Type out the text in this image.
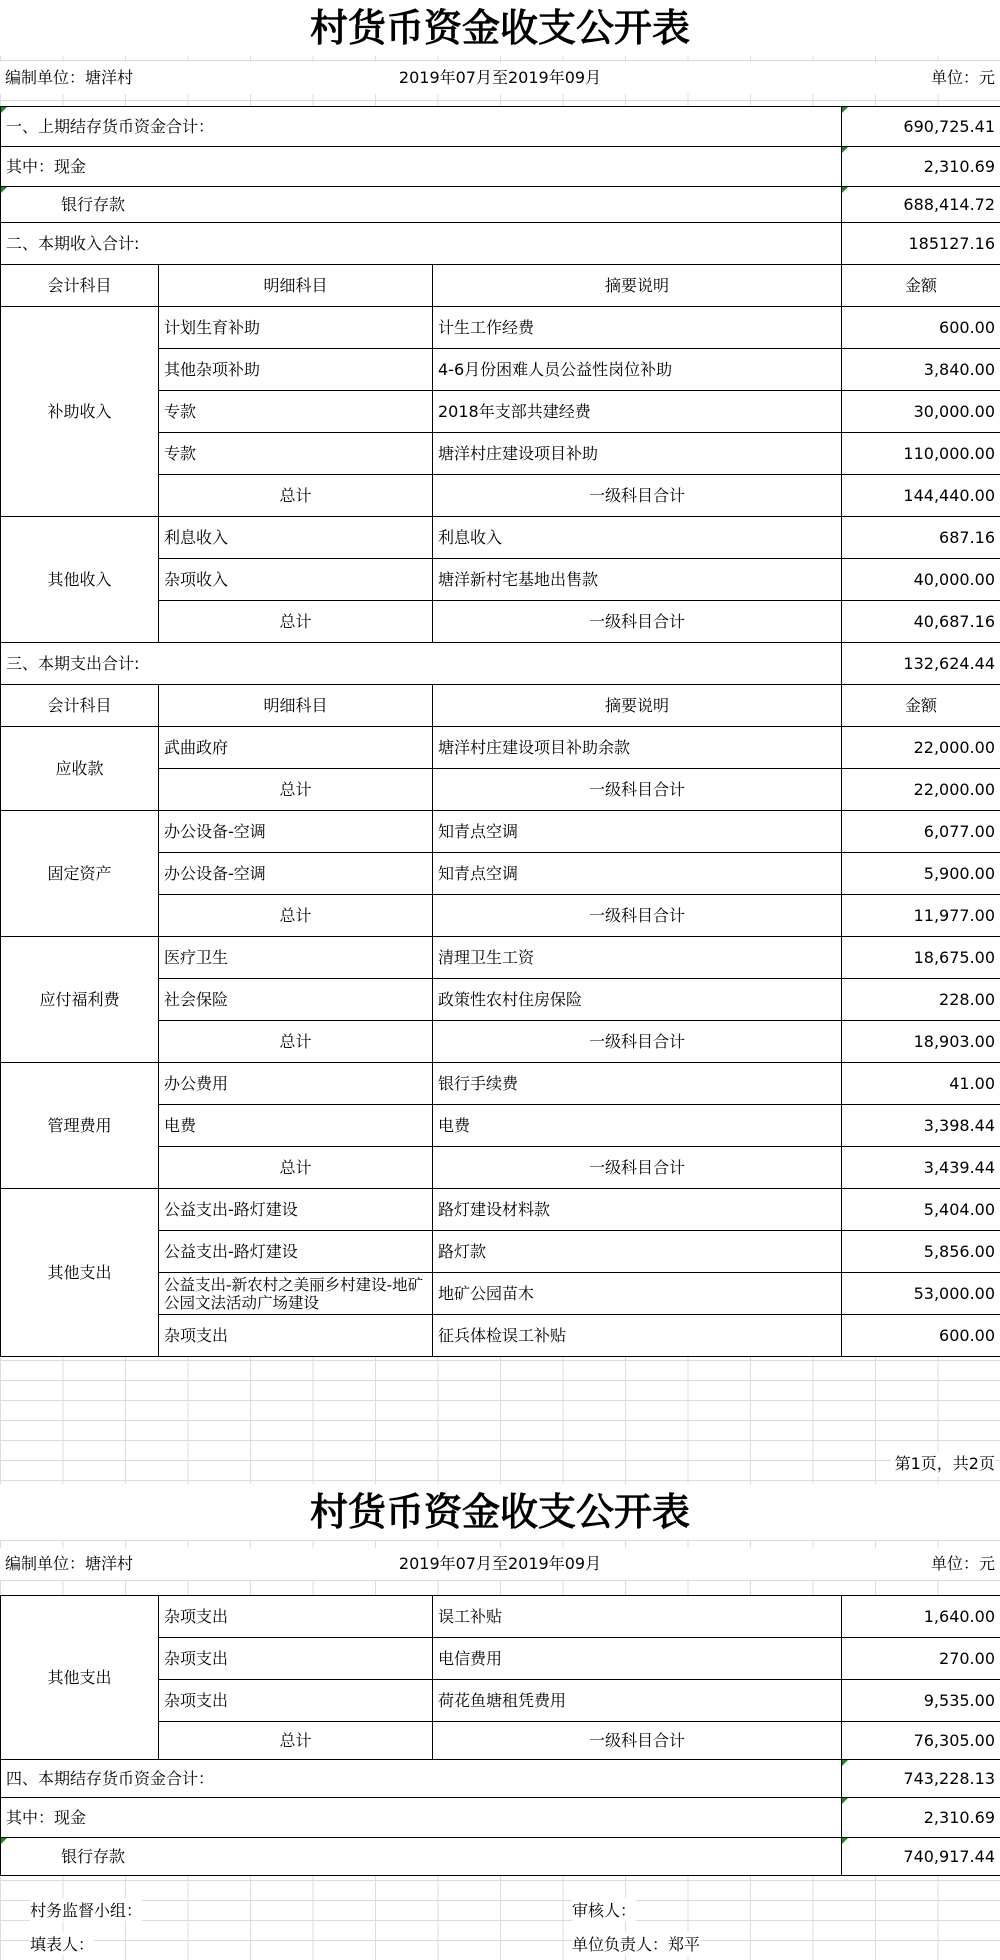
村货币资金收支公开表
编制单位：塘洋村	2019年07月至2019年09月	单位：元
一、上期结存货币资金合计：			690,725.41
其中：现金			2,310.69
银行存款			688,414.72
二、本期收入合计:			185127.16
会计科目	明细科目	摘要说明	金额
补助收入	计划生育补助	计生工作经费	600.00
	其他杂项补助	4-6月份困难人员公益性岗位补助	3,840.00
	专款	2018年支部共建经费	30,000.00
	专款	塘洋村庄建设项目补助	110,000.00
	总计	一级科目合计	144,440.00
其他收入	利息收入	利息收入	687.16
	杂项收入	塘洋新村宅基地出售款	40,000.00
	总计	一级科目合计	40,687.16
三、本期支出合计:			132,624.44
会计科目	明细科目	摘要说明	金额
应收款	武曲政府	塘洋村庄建设项目补助余款	22,000.00
	总计	一级科目合计	22,000.00
固定资产	办公设备-空调	知青点空调	6,077.00
	办公设备-空调	知青点空调	5,900.00
	总计	一级科目合计	11,977.00
应付福利费	医疗卫生	清理卫生工资	18,675.00
	社会保险	政策性农村住房保险	228.00
	总计	一级科目合计	18,903.00
管理费用	办公费用	银行手续费	41.00
	电费	电费	3,398.44
	总计	一级科目合计	3,439.44
其他支出	公益支出-路灯建设	路灯建设材料款	5,404.00
	公益支出-路灯建设	路灯款	5,856.00
	公益支出-新农村之美丽乡村建设-地矿公园文法活动广场建设	地矿公园苗木	53,000.00
	杂项支出	征兵体检误工补贴	600.00
第1页，共2页
村货币资金收支公开表
编制单位：塘洋村	2019年07月至2019年09月	单位：元
其他支出	杂项支出	误工补贴	1,640.00
	杂项支出	电信费用	270.00
	杂项支出	荷花鱼塘租凭费用	9,535.00
	总计	一级科目合计	76,305.00
四、本期结存货币资金合计：			743,228.13
其中：现金			2,310.69
银行存款			740,917.44
村务监督小组：	审核人：
填表人：	单位负责人：郑平
